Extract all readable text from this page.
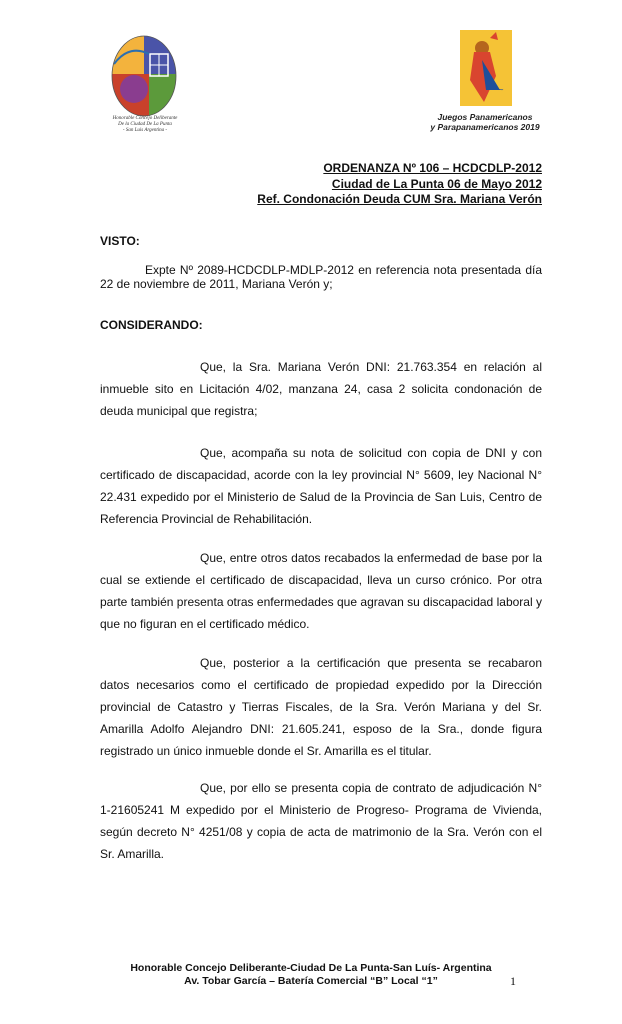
Honorable Concejo Deliberante
De la Ciudad De La Punta
- San Luis Argentina -
~
Juegos Panamericanos
y Parapanamericanos 2019
ORDENANZA Nº 106 – HCDCDLP-2012
Ciudad de La Punta 06 de Mayo 2012
Ref. Condonación Deuda CUM Sra. Mariana Verón
VISTO:
Expte Nº 2089-HCDCDLP-MDLP-2012 en referencia nota presentada día 22 de noviembre de 2011, Mariana Verón y;
CONSIDERANDO:
Que, la Sra. Mariana Verón DNI: 21.763.354 en relación al inmueble sito en Licitación 4/02, manzana 24, casa 2 solicita condonación de deuda municipal que registra;
Que, acompaña su nota de solicitud con copia de DNI y con certificado de discapacidad, acorde con la ley provincial N° 5609, ley Nacional N° 22.431 expedido por el Ministerio de Salud de la Provincia de San Luis, Centro de Referencia Provincial de Rehabilitación.
Que, entre otros datos recabados la enfermedad de base por la cual se extiende el certificado de discapacidad, lleva un curso crónico. Por otra parte también presenta otras enfermedades que agravan su discapacidad laboral y que no figuran en el certificado médico.
Que, posterior a la certificación que presenta se recabaron datos necesarios como el certificado de propiedad expedido por la Dirección provincial de Catastro y Tierras Fiscales, de la Sra. Verón Mariana y del Sr. Amarilla Adolfo Alejandro DNI: 21.605.241, esposo de la Sra., donde figura registrado un único inmueble donde el Sr. Amarilla es el titular.
Que, por ello se presenta copia de contrato de adjudicación N° 1-21605241 M expedido por el Ministerio de Progreso- Programa de Vivienda, según decreto N° 4251/08 y copia de acta de matrimonio de la Sra. Verón con el Sr. Amarilla.
Honorable Concejo Deliberante-Ciudad De La Punta-San Luís- Argentina
Av. Tobar García – Batería Comercial “B” Local “1”	1
